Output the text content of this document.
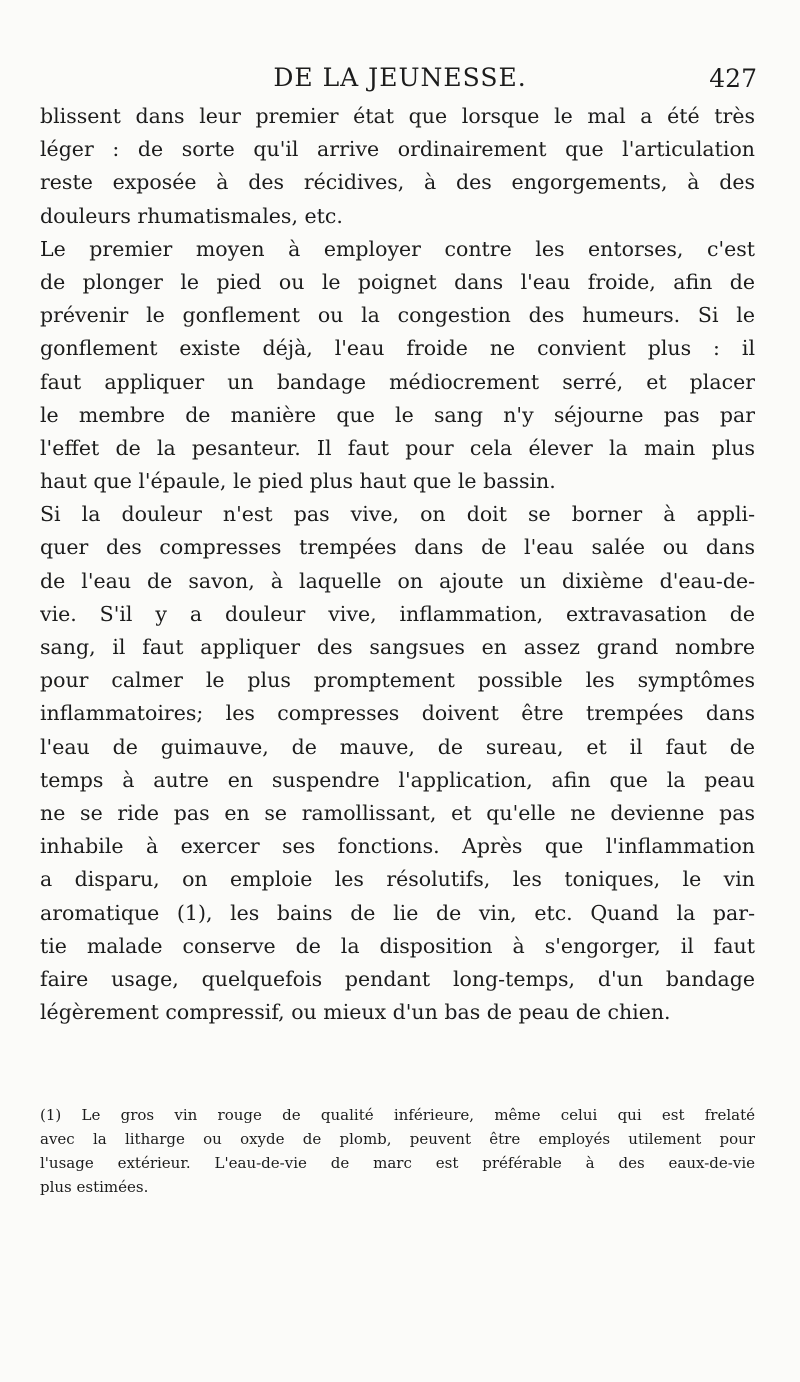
DE LA JEUNESSE.	427
blissent dans leur premier état que lorsque le mal a été très
léger : de sorte qu'il arrive ordinairement que l'articulation
reste exposée à des récidives, à des engorgements, à des
douleurs rhumatismales, etc.
Le premier moyen à employer contre les entorses, c'est
de plonger le pied ou le poignet dans l'eau froide, afin de
prévenir le gonflement ou la congestion des humeurs. Si le
gonflement existe déjà, l'eau froide ne convient plus : il
faut appliquer un bandage médiocrement serré, et placer
le membre de manière que le sang n'y séjourne pas par
l'effet de la pesanteur. Il faut pour cela élever la main plus
haut que l'épaule, le pied plus haut que le bassin.
Si la douleur n'est pas vive, on doit se borner à appli-
quer des compresses trempées dans de l'eau salée ou dans
de l'eau de savon, à laquelle on ajoute un dixième d'eau-de-
vie. S'il y a douleur vive, inflammation, extravasation de
sang, il faut appliquer des sangsues en assez grand nombre
pour calmer le plus promptement possible les symptômes
inflammatoires; les compresses doivent être trempées dans
l'eau de guimauve, de mauve, de sureau, et il faut de
temps à autre en suspendre l'application, afin que la peau
ne se ride pas en se ramollissant, et qu'elle ne devienne pas
inhabile à exercer ses fonctions. Après que l'inflammation
a disparu, on emploie les résolutifs, les toniques, le vin
aromatique (1), les bains de lie de vin, etc. Quand la par-
tie malade conserve de la disposition à s'engorger, il faut
faire usage, quelquefois pendant long-temps, d'un bandage
légèrement compressif, ou mieux d'un bas de peau de chien.
(1) Le gros vin rouge de qualité inférieure, même celui qui est frelaté
avec la litharge ou oxyde de plomb, peuvent être employés utilement pour
l'usage extérieur. L'eau-de-vie de marc est préférable à des eaux-de-vie
plus estimées.
